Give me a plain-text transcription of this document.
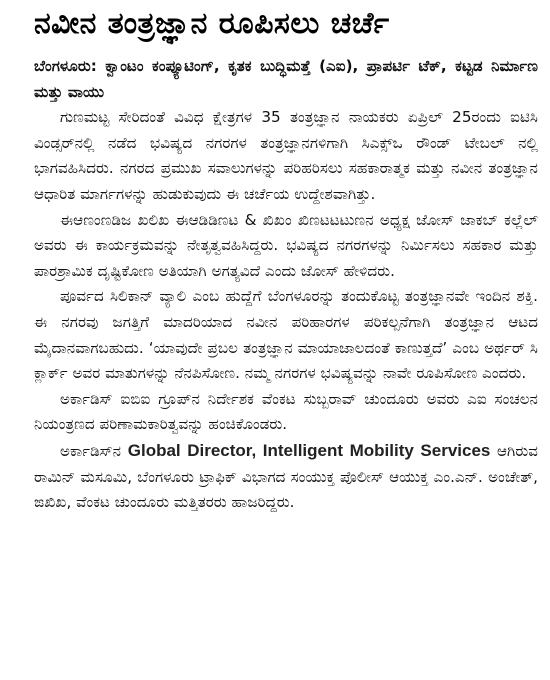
ನವೀನ ತಂತ್ರಜ್ಞಾನ ರೂಪಿಸಲು ಚರ್ಚೆ

ಬೆಂಗಳೂರು: ಕ್ವಾಂಟಂ ಕಂಪ್ಯೂಟಿಂಗ್, ಕೃತಕ ಬುದ್ಧಿಮತ್ತೆ (ಎಐ), ಪ್ರಾಪರ್ಟಿ ಟೆಕ್, ಕಟ್ಟಡ ನಿರ್ಮಾಣ ಮತ್ತು ವಾಯು

ಗುಣಮಟ್ಟ ಸೇರಿದಂತೆ ವಿವಿಧ ಕ್ಷೇತ್ರಗಳ 35 ತಂತ್ರಜ್ಞಾನ ನಾಯಕರು ಏಪ್ರಿಲ್ 25ರಂದು ಐಟಿಸಿ ವಿಂಡ್ಸರ್‌ನಲ್ಲಿ ನಡೆದ ಭವಿಷ್ಯದ ನಗರಗಳ ತಂತ್ರಜ್ಞಾನಗಳಿಗಾಗಿ ಸಿಎಕ್ಸ್‌ಒ ರೌಂಡ್ ಟೇಬಲ್ ನಲ್ಲಿ ಭಾಗವಹಿಸಿದರು. ನಗರದ ಪ್ರಮುಖ ಸವಾಲುಗಳನ್ನು ಪರಿಹರಿಸಲು ಸಹಕಾರಾತ್ಮಕ ಮತ್ತು ನವೀನ ತಂತ್ರಜ್ಞಾನ ಆಧಾರಿತ ಮಾರ್ಗಗಳನ್ನು ಹುಡುಕುವುದು ಈ ಚರ್ಚೆಯ ಉದ್ದೇಶವಾಗಿತ್ತು.

ಈಆಣಂಣಡಿಜ ಖಲಿಖ ಈಆಡಿಡಿಣಟ & ಖಿಖಂ ಖಿಣಟಟಟುಣನ ಅಧ್ಯಕ್ಷ ಜೋಸ್ ಜಾಕಬ್ ಕಲ್ಲೆಲ್ ಅವರು ಈ ಕಾರ್ಯಕ್ರಮವನ್ನು ನೇತೃತ್ವವಹಿಸಿದ್ದರು. ಭವಿಷ್ಯದ ನಗರಗಳನ್ನು ನಿರ್ಮಿಸಲು ಸಹಕಾರ ಮತ್ತು ಪಾರಶ್ರಾಮಿಕ ದೃಷ್ಟಿಕೋಣ ಅತಿಯಾಗಿ ಅಗತ್ಯವಿದೆ ಎಂದು ಜೋಸ್ ಹೇಳಿದರು.

ಪೂರ್ವದ ಸಿಲಿಕಾನ್ ವ್ಯಾಲಿ ಎಂಬ ಹುದ್ದೆಗೆ ಬೆಂಗಳೂರನ್ನು ತಂದುಕೊಟ್ಟ ತಂತ್ರಜ್ಞಾನವೇ ಇಂದಿನ ಶಕ್ತಿ. ಈ ನಗರವು ಜಗತ್ತಿಗೆ ಮಾದರಿಯಾದ ನವೀನ ಪರಿಹಾರಗಳ ಪರಿಕಲ್ಪನೆಗಾಗಿ ತಂತ್ರಜ್ಞಾನ ಆಟದ ಮೈದಾನವಾಗಬಹುದು. ‘ಯಾವುದೇ ಪ್ರಬಲ ತಂತ್ರಜ್ಞಾನ ಮಾಯಾಜಾಲದಂತೆ ಕಾಣುತ್ತದೆ’ ಎಂಬ ಅರ್ಥರ್ ಸಿ ಕ್ಲಾರ್ಕ್ ಅವರ ಮಾತುಗಳನ್ನು ನೆನಪಿಸೋಣ. ನಮ್ಮ ನಗರಗಳ ಭವಿಷ್ಯವನ್ನು ನಾವೇ ರೂಪಿಸೋಣ ಎಂದರು.

ಅರ್ಕಾಡಿಸ್ ಐಬಿಐ ಗ್ರೂಪ್‌ನ ನಿರ್ದೇಶಕ ವೆಂಕಟ ಸುಬ್ಬರಾವ್ ಚುಂದೂರು ಅವರು ಎಐ ಸಂಚಲನ ನಿಯಂತ್ರಣದ ಪರಿಣಾಮಕಾರಿತ್ವವನ್ನು ಹಂಚಿಕೊಂಡರು.

ಅರ್ಕಾಡಿಸ್‌ನ Global Director, Intelligent Mobility Services ಆಗಿರುವ ರಾಮಿನ್ ಮಸೂಮಿ, ಬೆಂಗಳೂರು ಟ್ರಾಫಿಕ್ ವಿಭಾಗದ ಸಂಯುಕ್ತ ಪೊಲೀಸ್ ಆಯುಕ್ತ ಎಂ.ಎನ್. ಅಂಚೇತ್, ಙಖಿಖ, ವೆಂಕಟ ಚುಂದೂರು ಮತ್ತಿತರರು ಹಾಜರಿದ್ದರು.
